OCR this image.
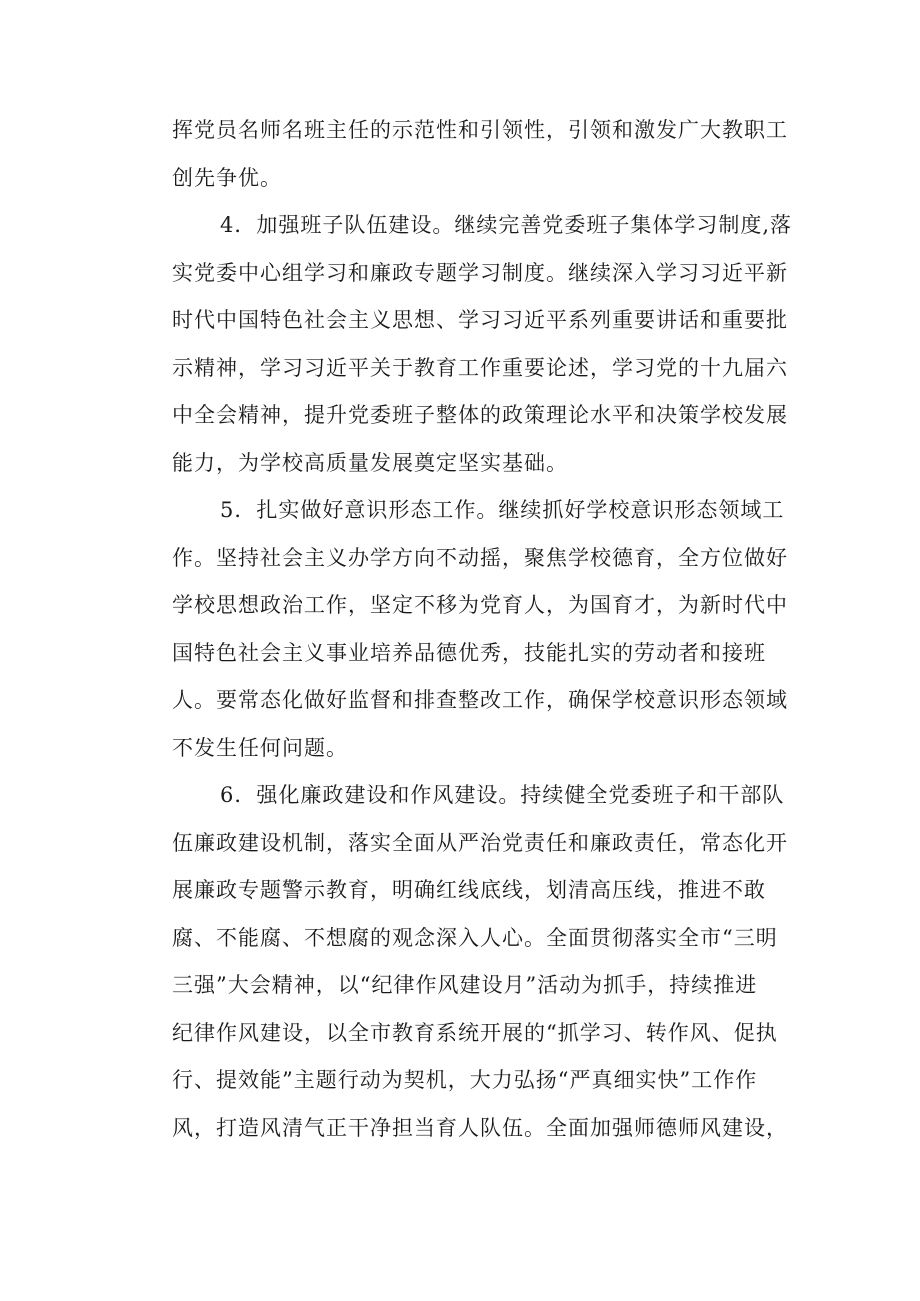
挥党员名师名班主任的示范性和引领性，引领和激发广大教职工
创先争优。

4．加强班子队伍建设。继续完善党委班子集体学习制度,落
实党委中心组学习和廉政专题学习制度。继续深入学习习近平新
时代中国特色社会主义思想、学习习近平系列重要讲话和重要批
示精神，学习习近平关于教育工作重要论述，学习党的十九届六
中全会精神，提升党委班子整体的政策理论水平和决策学校发展
能力，为学校高质量发展奠定坚实基础。

5．扎实做好意识形态工作。继续抓好学校意识形态领域工
作。坚持社会主义办学方向不动摇，聚焦学校德育，全方位做好
学校思想政治工作，坚定不移为党育人，为国育才，为新时代中
国特色社会主义事业培养品德优秀，技能扎实的劳动者和接班
人。要常态化做好监督和排查整改工作，确保学校意识形态领域
不发生任何问题。

6．强化廉政建设和作风建设。持续健全党委班子和干部队
伍廉政建设机制，落实全面从严治党责任和廉政责任，常态化开
展廉政专题警示教育，明确红线底线，划清高压线，推进不敢
腐、不能腐、不想腐的观念深入人心。全面贯彻落实全市“三明
三强”大会精神，以“纪律作风建设月”活动为抓手，持续推进
纪律作风建设，以全市教育系统开展的“抓学习、转作风、促执
行、提效能”主题行动为契机，大力弘扬“严真细实快”工作作
风，打造风清气正干净担当育人队伍。全面加强师德师风建设，
